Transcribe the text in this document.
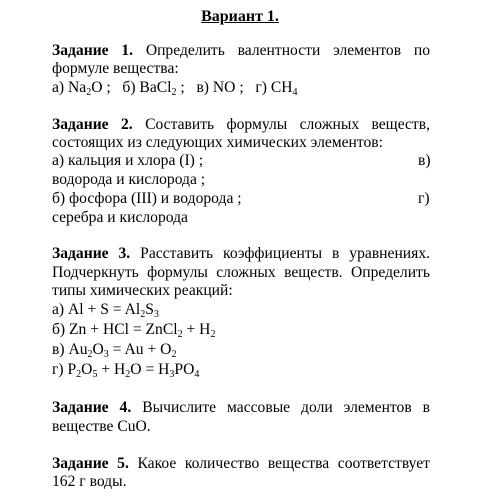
Вариант 1.
Задание 1. Определить валентности элементов по
формуле вещества:
а) $Na_2O$ ; б) BaCl$_2$ ; в) NO ; г) $CH_4$
Задание 2. Составить формулы сложных веществ,
состоящих из следующих химических элементов:
а) кальция и хлора (I) ;	в)
водорода и кислорода ;
б) фосфора (III) и водорода ;	г)
серебра и кислорода
Задание 3. Расставить коэффициенты в уравнениях.
Подчеркнуть формулы сложных веществ. Определить
типы химических реакций:
а) $Al + S = Al_2S_3$
б) Zn + HCl = ZnCl$_2$ + $H_2$
в) $Au_2O_3 = Au + O_2$
г) $P_2O_5 + H_2O = H_3PO_4$
Задание 4. Вычислите массовые доли элементов в
веществе CuO.
Задание 5. Какое количество вещества соответствует
162 г воды.
